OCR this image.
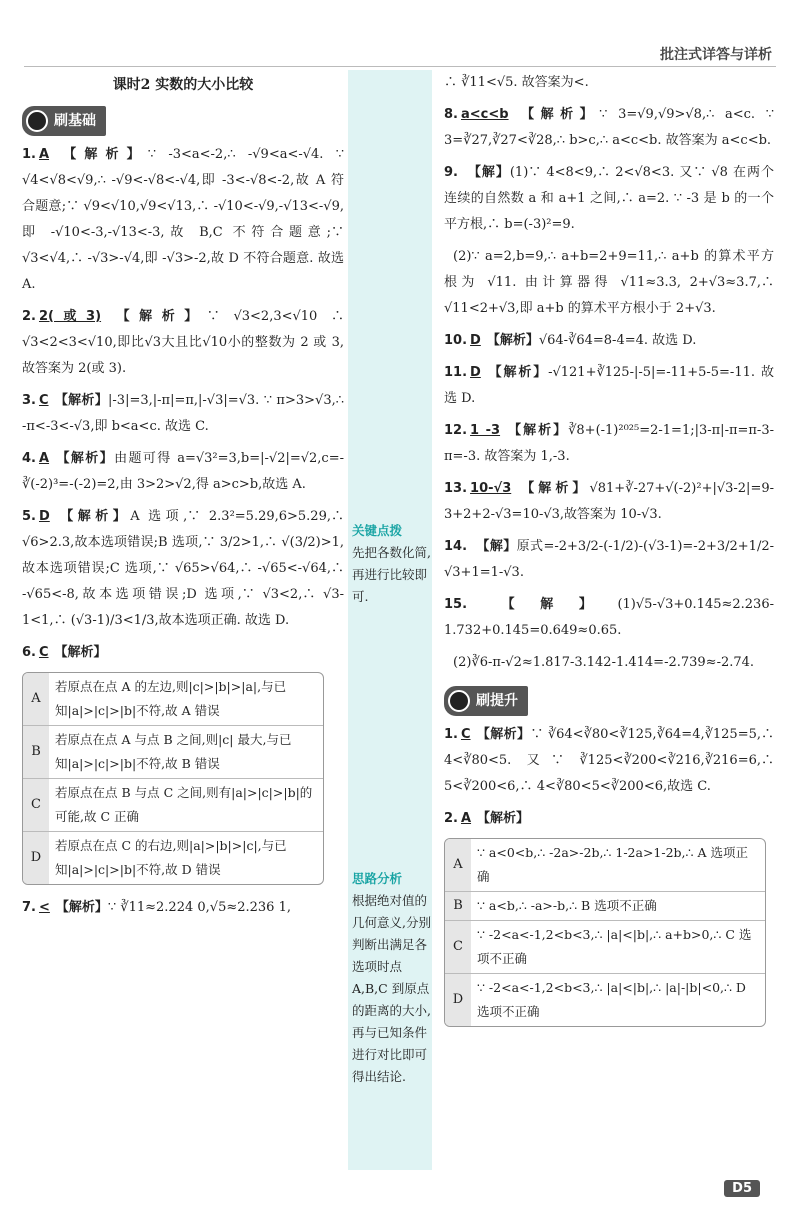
批注式详答与详析
课时2 实数的大小比较
刷基础
1. A 【解析】∵ -3<a<-2,∴ -√9<a<-√4. ∵ √4<√8<√9,∴ -√9<-√8<-√4,即 -3<-√8<-2,故 A 符合题意;∵ √9<√10,√9<√13,∴ -√10<-√9,-√13<-√9,即 -√10<-3,-√13<-3,故 B,C 不符合题意;∵ √3<√4,∴ -√3>-√4,即 -√3>-2,故 D 不符合题意. 故选 A.
2. 2(或3) 【解析】∵ √3<2,3<√10 ∴ √3<2<3<√10,即比√3大且比√10小的整数为 2 或 3,故答案为 2(或 3).
3. C 【解析】|-3|=3,|-π|=π,|-√3|=√3. ∵ π>3>√3,∴ -π<-3<-√3,即 b<a<c. 故选 C.
4. A 【解析】由题可得 a=√3²=3,b=|-√2|=√2,c=-∛(-2)³=-(-2)=2,由 3>2>√2,得 a>c>b,故选 A.
5. D 【解析】A 选项,∵ 2.3²=5.29,6>5.29,∴ √6>2.3,故本选项错误;B 选项,∵ 3/2>1,∴ √(3/2)>1,故本选项错误;C 选项,∵ √65>√64,∴ -√65<-√64,∴ -√65<-8,故本选项错误;D 选项,∵ √3<2,∴ √3-1<1,∴ (√3-1)/3<1/3,故本选项正确. 故选 D.
6. C 【解析】
A
若原点在点 A 的左边,则|c|>|b|>|a|,与已知|a|>|c|>|b|不符,故 A 错误
B
若原点在点 A 与点 B 之间,则|c| 最大,与已知|a|>|c|>|b|不符,故 B 错误
C
若原点在点 B 与点 C 之间,则有|a|>|c|>|b|的可能,故 C 正确
D
若原点在点 C 的右边,则|a|>|b|>|c|,与已知|a|>|c|>|b|不符,故 D 错误
7. < 【解析】∵ ∛11≈2.224 0,√5≈2.236 1,
关键点拨
先把各数化简,再进行比较即可.
思路分析
根据绝对值的几何意义,分别判断出满足各选项时点 A,B,C 到原点的距离的大小,再与已知条件进行对比即可得出结论.
∴ ∛11<√5. 故答案为<.
8. a<c<b 【解析】∵ 3=√9,√9>√8,∴ a<c. ∵ 3=∛27,∛27<∛28,∴ b>c,∴ a<c<b. 故答案为 a<c<b.
9. 【解】(1)∵ 4<8<9,∴ 2<√8<3. 又∵ √8 在两个连续的自然数 a 和 a+1 之间,∴ a=2. ∵ -3 是 b 的一个平方根,∴ b=(-3)²=9.
(2)∵ a=2,b=9,∴ a+b=2+9=11,∴ a+b 的算术平方根为 √11. 由计算器得 √11≈3.3, 2+√3≈3.7,∴ √11<2+√3,即 a+b 的算术平方根小于 2+√3.
10. D 【解析】√64-∛64=8-4=4. 故选 D.
11. D 【解析】-√121+∛125-|-5|=-11+5-5=-11. 故选 D.
12. 1 -3 【解析】∛8+(-1)²⁰²⁵=2-1=1;|3-π|-π=π-3-π=-3. 故答案为 1,-3.
13. 10-√3 【解析】√81+∛-27+√(-2)²+|√3-2|=9-3+2+2-√3=10-√3,故答案为 10-√3.
14. 【解】原式=-2+3/2-(-1/2)-(√3-1)=-2+3/2+1/2-√3+1=1-√3.
15. 【解】(1)√5-√3+0.145≈2.236-1.732+0.145=0.649≈0.65.
(2)∛6-π-√2≈1.817-3.142-1.414=-2.739≈-2.74.
刷提升
1. C 【解析】∵ ∛64<∛80<∛125,∛64=4,∛125=5,∴ 4<∛80<5. 又∵ ∛125<∛200<∛216,∛216=6,∴ 5<∛200<6,∴ 4<∛80<5<∛200<6,故选 C.
2. A 【解析】
A
∵ a<0<b,∴ -2a>-2b,∴ 1-2a>1-2b,∴ A 选项正确
B	∵ a<b,∴ -a>-b,∴ B 选项不正确
C
∵ -2<a<-1,2<b<3,∴ |a|<|b|,∴ a+b>0,∴ C 选项不正确
D
∵ -2<a<-1,2<b<3,∴ |a|<|b|,∴ |a|-|b|<0,∴ D 选项不正确
D5
